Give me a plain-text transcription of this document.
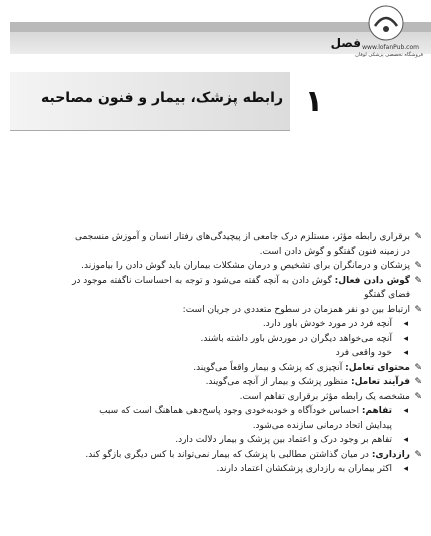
فصل www.lofanPub.com
فروشگاه تخصصی پزشکی لوفان
رابطه پزشک، بیمار و فنون مصاحبه ۱

✎
برقراری رابطه مؤثر، مستلزم درک جامعی از پیچیدگی‌های رفتار انسان و آموزش منسجمی

در زمینه فنون گفتگو و گوش دادن است.

✎
پزشکان و درمانگران برای تشخیص و درمان مشکلات بیماران باید گوش دادن را بیاموزند.

✎
گوش دادن فعال: گوش دادن به آنچه گفته می‌شود و توجه به احساسات ناگفته موجود در

فضای گفتگو

✎
ارتباط بین دو نفر همزمان در سطوح متعددی در جریان است:

◂
آنچه فرد در مورد خودش باور دارد.

◂
آنچه می‌خواهد دیگران در موردش باور داشته باشند.

◂
خود واقعی فرد

✎
محتوای تعامل: آنچیزی که پزشک و بیمار واقعاً می‌گویند.

✎
فرآیند تعامل: منظور پزشک و بیمار از آنچه می‌گویند.

✎
مشخصه یک رابطه مؤثر برقراری تفاهم است.

◂
تفاهم: احساس خودآگاه و خودبه‌خودی وجود پاسخ‌دهی هماهنگ است که سبب

پیدایش اتحاد درمانی سازنده می‌شود.

◂
تفاهم بر وجود درک و اعتماد بین پزشک و بیمار دلالت دارد.

✎
رازداری: در میان گذاشتن مطالبی با پزشک که بیمار نمی‌تواند با کس دیگری بازگو کند.

◂
اکثر بیماران به رازداری پزشکشان اعتماد دارند.
